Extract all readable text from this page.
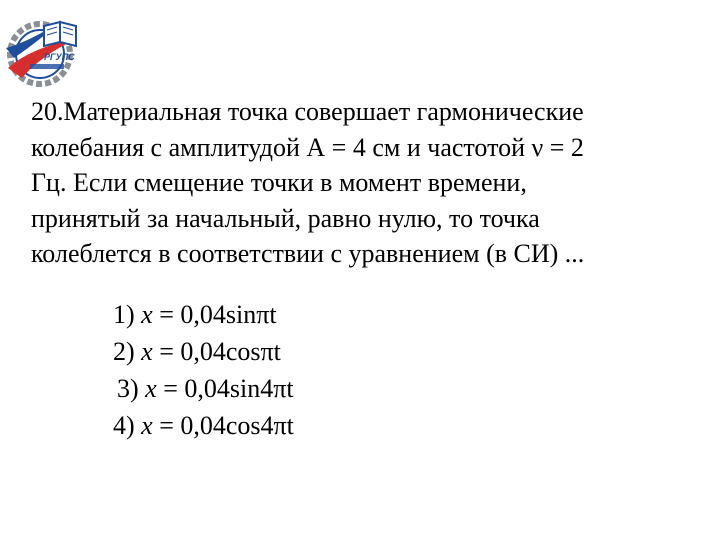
РГУПС
20.Материальная точка совершает гармонические
колебания с амплитудой А = 4 см и частотой ν = 2
Гц. Если смещение точки в момент времени,
принятый за начальный, равно нулю, то точка
колеблется в соответствии с уравнением (в СИ) ...
1) x = 0,04sinπt
2) x = 0,04cosπt
3) x = 0,04sin4πt
4) x = 0,04cos4πt
